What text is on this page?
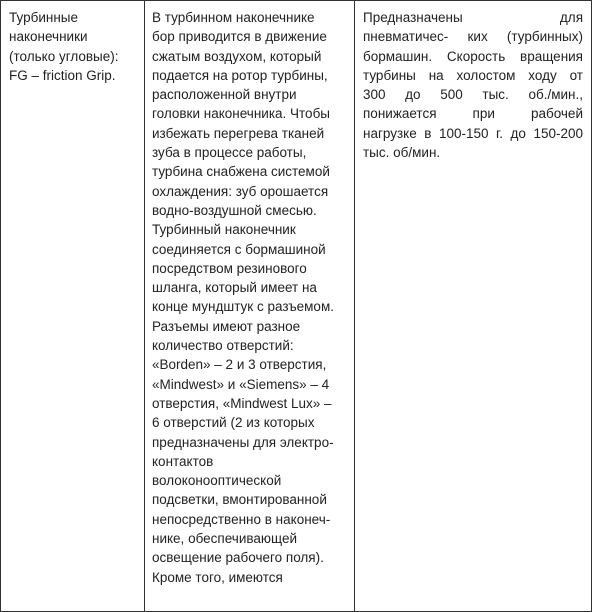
Турбинные
наконечники
(только угловые):
FG – friction Grip.

В турбинном наконечнике
бор приводится в движение
сжатым воздухом, который
подается на ротор турбины,
расположенной внутри
головки наконечника. Чтобы
избежать перегрева тканей
зуба в процессе работы,
турбина снабжена системой
охлаждения: зуб орошается
водно-воздушной смесью.
Турбинный наконечник
соединяется с бормашиной
посредством резинового
шланга, который имеет на
конце мундштук с разъемом.
Разъемы имеют разное
количество отверстий:
«Borden» – 2 и 3 отверстия,
«Mindwest» и «Siemens» – 4
отверстия, «Mindwest Lux» –
6 отверстий (2 из которых
предназначены для электро-
контактов
волоконооптической
подсветки, вмонтированной
непосредственно в наконеч-
нике, обеспечивающей
освещение рабочего поля).
Кроме того, имеются

Предназначены для
пневматичес- ких (турбинных)
бормашин. Скорость вращения
турбины на холостом ходу от
300 до 500 тыс. об./мин.,
понижается при рабочей
нагрузке в 100-150 г. до 150-200
тыс. об/мин.
